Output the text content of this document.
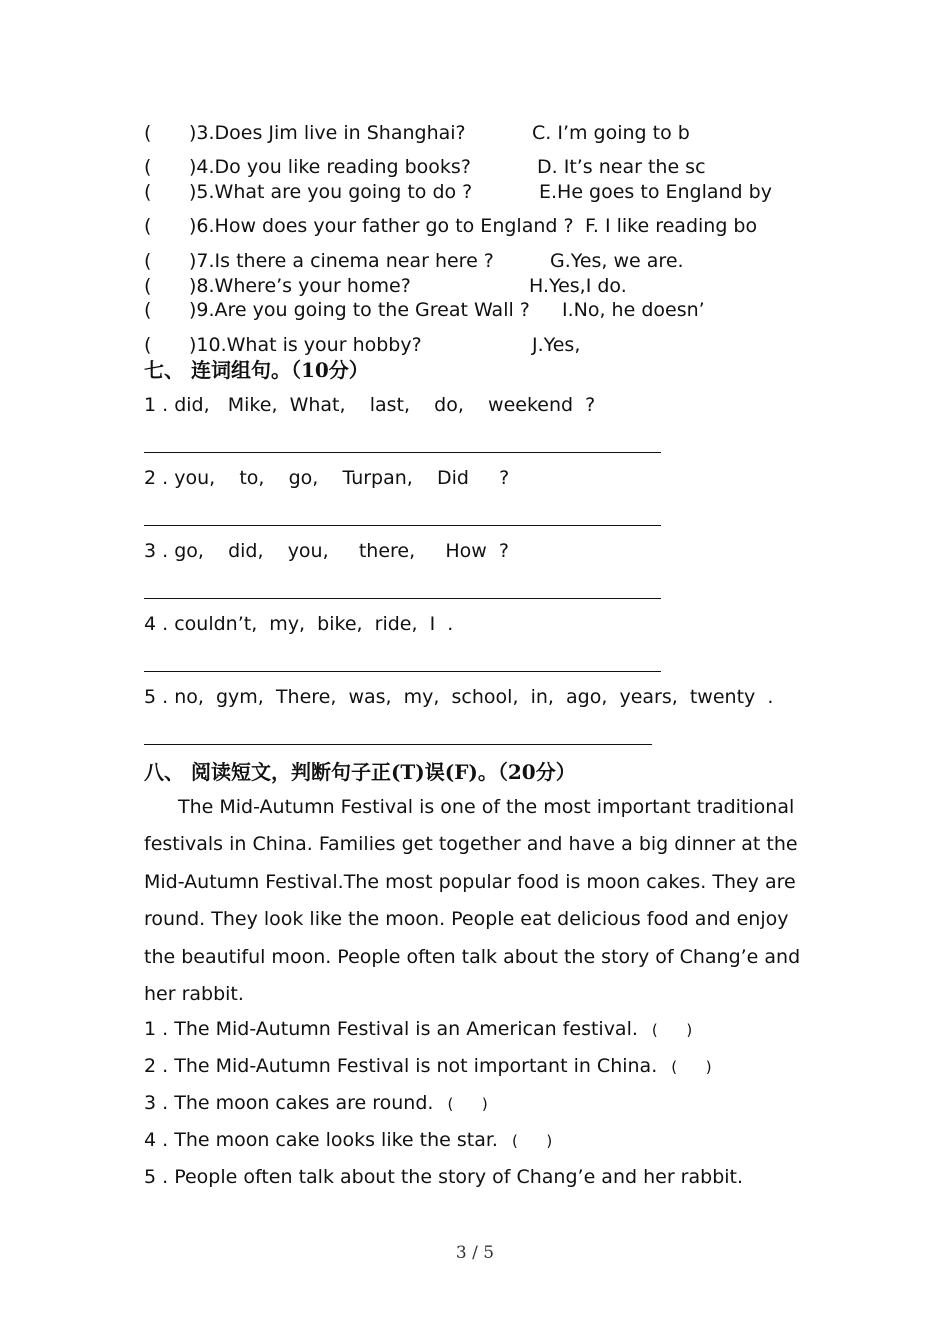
( )3.Does Jim live in Shanghai?	C. I’m going to b
( )4.Do you like reading books?	D. It’s near the sc
( )5.What are you going to do ?	E.He goes to England by
( )6.How does your father go to England ? F. I like reading bo
( )7.Is there a cinema near here ?	G.Yes, we are.
( )8.Where’s your home?	H.Yes,I do.
( )9.Are you going to the Great Wall ? I.No, he doesn’
( )10.What is your hobby?	J.Yes,
七、 连词组句。（10分）
1 . did,   Mike,  What,    last,    do,    weekend  ?
2 . you,    to,    go,    Turpan,    Did     ?
3 . go,    did,    you,     there,     How  ?
4 . couldn’t,  my,  bike,  ride,  I  .
5 . no,  gym,  There,  was,  my,  school,  in,  ago,  years,  twenty  .
八、 阅读短文，判断句子正(T)误(F)。（20分）

The Mid-Autumn Festival is one of the most important traditional festivals in China. Families get together and have a big dinner at the Mid-Autumn Festival.The most popular food is moon cakes. They are round. They look like the moon. People eat delicious food and enjoy the beautiful moon. People often talk about the story of Chang’e and her rabbit.

1 . The Mid-Autumn Festival is an American festival. (      )
2 . The Mid-Autumn Festival is not important in China. (      )
3 . The moon cakes are round. (      )
4 . The moon cake looks like the star. (      )
5 . People often talk about the story of Chang’e and her rabbit.
3 / 5
